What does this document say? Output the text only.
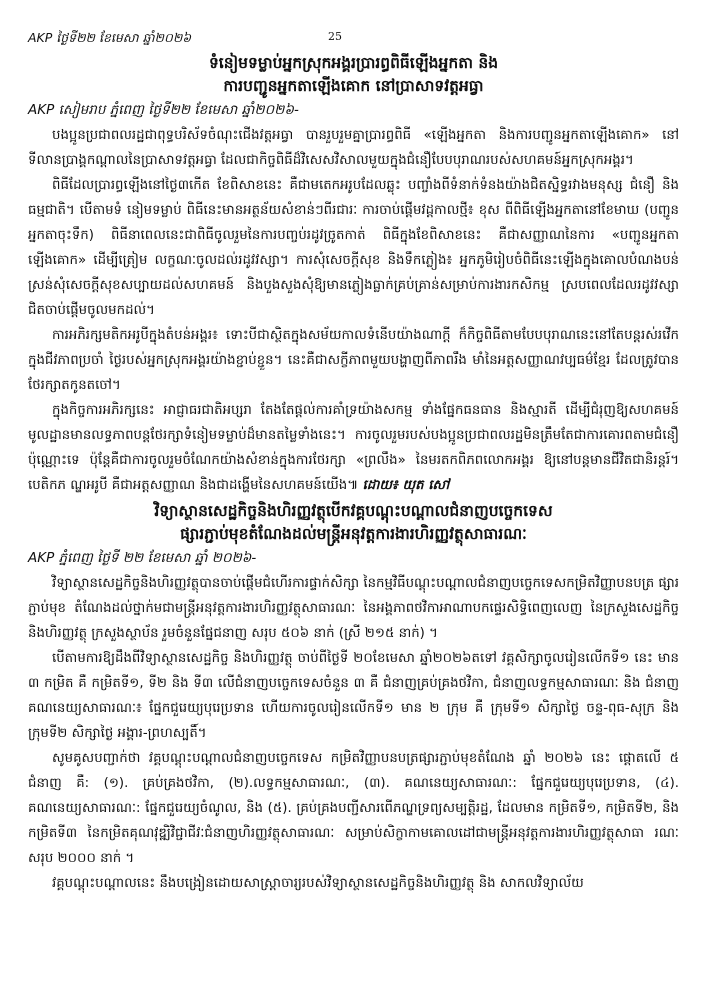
AKP ថ្ងៃទី២២ ខែមេសា ឆ្នាំ២០២៦	25
ទំនៀមទម្លាប់អ្នកស្រុកអង្គរប្រារព្ធពិធីឡើងអ្នកតា និង
ការបញ្ជូនអ្នកតាឡើងគោក នៅប្រាសាទវត្តអធ្វា

AKP សៀមរាប ភ្នំពេញ ថ្ងៃទី២២ ខែមេសា ឆ្នាំ២០២៦-

បងប្អូនប្រជាពលរដ្ឋជាពុទ្ធបរិស័ទចំណុះជើងវត្តអធ្វា បានរួបរួមគ្នាប្រារព្ធពិធី «ឡើងអ្នកតា និងការបញ្ជូនអ្នកតាឡើងគោក» នៅទីលានប្រាង្គកណ្ដាលនៃប្រាសាទវត្តអធ្វា ដែលជាកិច្ចពិធីដ៏វិសេសវិសាលមួយក្នុងជំនឿបែបបុរាណរបស់សហគមន៍អ្នកស្រុកអង្គរ។

ពិធីដែលប្រារព្ធឡើងនៅថ្ងៃ៣កើត ខែពិសាខនេះ គឺជាមតេកអរូបដែលឆ្លុះ បញ្ចាំងពីទំនាក់ទំនងយ៉ាងជិតស្និទ្ធរវាងមនុស្ស ជំនឿ និងធម្មជាតិ។ បើតាមទំ នៀមទម្លាប់ ពិធីនេះមានអត្ថន័យសំខាន់ៗពីរជារៈ ការចាប់ផ្ដើមវដ្ដកាលថ្មី៖ ខុស ពីពិធីឡើងអ្នកតានៅខែមាឃ (បញ្ជូនអ្នកតាចុះទឹក) ពិធីនាពេលនេះជាពិធីចូលរួមនៃការបញ្ចប់រដូវច្រូតកាត់ ពិធីក្នុងខែពិសាខនេះ គឺជាសញ្ញាណនៃការ «បញ្ជូនអ្នកតាឡើងគោក» ដើម្បីត្រៀម លក្ខណៈចូលដល់រដូវវស្សា។ ការសុំសេចក្ដីសុខ និងទឹកភ្លៀង៖ អ្នកភូមិរៀបចំពិធីនេះឡើងក្នុងគោលបំណងបន់ស្រន់សុំសេចក្ដីសុខសប្បាយដល់សហគមន៍ និងបួងសួងសុំឱ្យមានភ្លៀងធ្លាក់គ្រប់គ្រាន់សម្រាប់ការងារកសិកម្ម ស្របពេលដែលរដូវវស្សាជិតចាប់ផ្ដើមចូលមកដល់។

ការអភិរក្សមតិកអរូបីក្នុងតំបន់អង្គរ៖ ទោះបីជាស្ថិតក្នុងសម័យកាលទំនើបយ៉ាងណាក្ដី ក៏កិច្ចពិធីតាមបែបបុរាណនេះនៅតែបន្តរស់រវើកក្នុងជីវភាពប្រចាំ ថ្ងៃរបស់អ្នកស្រុកអង្គរយ៉ាងខ្ជាប់ខ្ជួន។ នេះគឺជាសក្ខីភាពមួយបង្ហាញពីភាពរឹង មាំនៃអត្តសញ្ញាណវប្បធម៌ខ្មែរ ដែលត្រូវបានថែរក្សាតកូនតចៅ។

ក្នុងកិច្ចការអភិរក្សនេះ អាជ្ញាធរជាតិអប្សរា តែងតែផ្ដល់ការគាំទ្រយ៉ាងសកម្ម ទាំងផ្នែកធនធាន និងស្មារតី ដើម្បីជំរុញឱ្យសហគមន៍មូលដ្ឋានមានលទ្ធភាពបន្តថែរក្សាទំនៀមទម្លាប់ដ៏មានតម្លៃទាំងនេះ។ ការចូលរួមរបស់បងប្អូនប្រជាពលរដ្ឋមិនត្រឹមតែជាការគោរពតាមជំនឿប៉ុណ្ណោះទេ ប៉ុន្តែគឺជាការចូលរួមចំណែកយ៉ាងសំខាន់ក្នុងការថែរក្សា «ព្រលឹង» នៃមរតកពិភពលោកអង្គរ ឱ្យនៅបន្តមានជីវិតជានិរន្តរ៍។ បេតិកភ ណ្ឌអរូបី គឺជាអត្តសញ្ញាណ និងជាដង្ហើមនៃសហគមន៍យើង៕ ដោយ៖ យុត សៅ

វិទ្យាស្ថានសេដ្ឋកិច្ចនិងហិរញ្ញវត្ថុបើកវគ្គបណ្ដុះបណ្ដាលជំនាញបច្ចេកទេស
ផ្សារភ្ជាប់មុខតំណែងដល់មន្ត្រីអនុវត្តការងារហិរញ្ញវត្ថុសាធារណៈ

AKP ភ្នំពេញ ថ្ងៃទី ២២ ខែមេសា ឆ្នាំ ២០២៦-

វិទ្យាស្ថានសេដ្ឋកិច្ចនិងហិរញ្ញវត្ថុបានចាប់ផ្ដើមជំហើរការផ្ទាក់សិក្សា នៃកម្មវិធីបណ្ដុះបណ្ដាលជំនាញបច្ចេកទេសកម្រិតវិញ្ញាបនបត្រ ផ្សារភ្ជាប់មុខ តំណែងដល់ថ្នាក់មជាមន្ត្រីអនុវត្តការងារហិរញ្ញវត្ថុសាធារណៈ នៃអង្គភាពថវិកាអាណាបកផ្ទេរសិទ្ធិពេញលេញ នៃក្រសួងសេដ្ឋកិច្ចនិងហិរញ្ញវត្ថុ ក្រសួងស្ថាប័ន រួមចំនួនផ្នែជនាញ សរុប ៥០៦ នាក់ (ស្រី ២១៥ នាក់) ។

បើតាមការឱ្យដឹងពីវិទ្យាស្ថានសេដ្ឋកិច្ច និងហិរញ្ញវត្ថុ ចាប់ពីថ្ងៃទី ២០ខែមេសា ឆ្នាំ២០២៦តទៅ វគ្គសិក្សាចូលរៀនលើកទី១ នេះ មាន ៣ កម្រិត គឺ កម្រិតទី១, ទី២ និង ទី៣ លើជំនាញបច្ចេកទេសចំនួន ៣ គឺ ជំនាញគ្រប់គ្រងថវិកា, ជំនាញលទ្ធកម្មសាធារណៈ និង ជំនាញគណនេយ្យសាធារណៈ៖ ផ្នែកជួរេយ្យបុរេប្រទាន ហើយការចូលរៀនលើកទី១ មាន ២ ក្រុម គឺ ក្រុមទី១ សិក្សាថ្ងៃ ចន្ទ-ពុធ-សុក្រ និង ក្រុមទី២ សិក្សាថ្ងៃ អង្គារ-ព្រហស្បតិ៍។

សូមគូសបញ្ជាក់ថា វគ្គបណ្ដុះបណ្ដាលជំនាញបច្ចេកទេស កម្រិតវិញ្ញាបនបត្រផ្សារភ្ជាប់មុខតំណែង ឆ្នាំ ២០២៦ នេះ ផ្ដោតលើ ៥ ជំនាញ គឺ: (១). គ្រប់គ្រងថវិកា, (២).លទ្ធកម្មសាធារណៈ, (៣). គណនេយ្យសាធារណៈ: ផ្នែកជួរេយ្យបុរេប្រទាន, (៤). គណនេយ្យសាធារណៈ: ផ្នែកជួរេយ្យចំណូល, និង (៥). គ្រប់គ្រងបញ្ជីសារពើភណ្ឌទ្រព្យសម្បត្តិរដ្ឋ, ដែលមាន កម្រិតទី១, កម្រិតទី២, និង កម្រិតទី៣ នៃកម្រិតគុណវុឌ្ឍិវិជ្ជាជីវៈជំនាញហិរញ្ញវត្ថុសាធារណៈ សម្រាប់សិក្ខាកាមគោលដៅជាមន្ត្រីអនុវត្តការងារហិរញ្ញវត្ថុសាធា រណៈ សរុប ២០០០ នាក់ ។

វគ្គបណ្ដុះបណ្ដាលនេះ នឹងបង្រៀនដោយសាស្ត្រាចារ្យរបស់វិទ្យាស្ថានសេដ្ឋកិច្ចនិងហិរញ្ញវត្ថុ និង សាកលវិទ្យាល័យ
